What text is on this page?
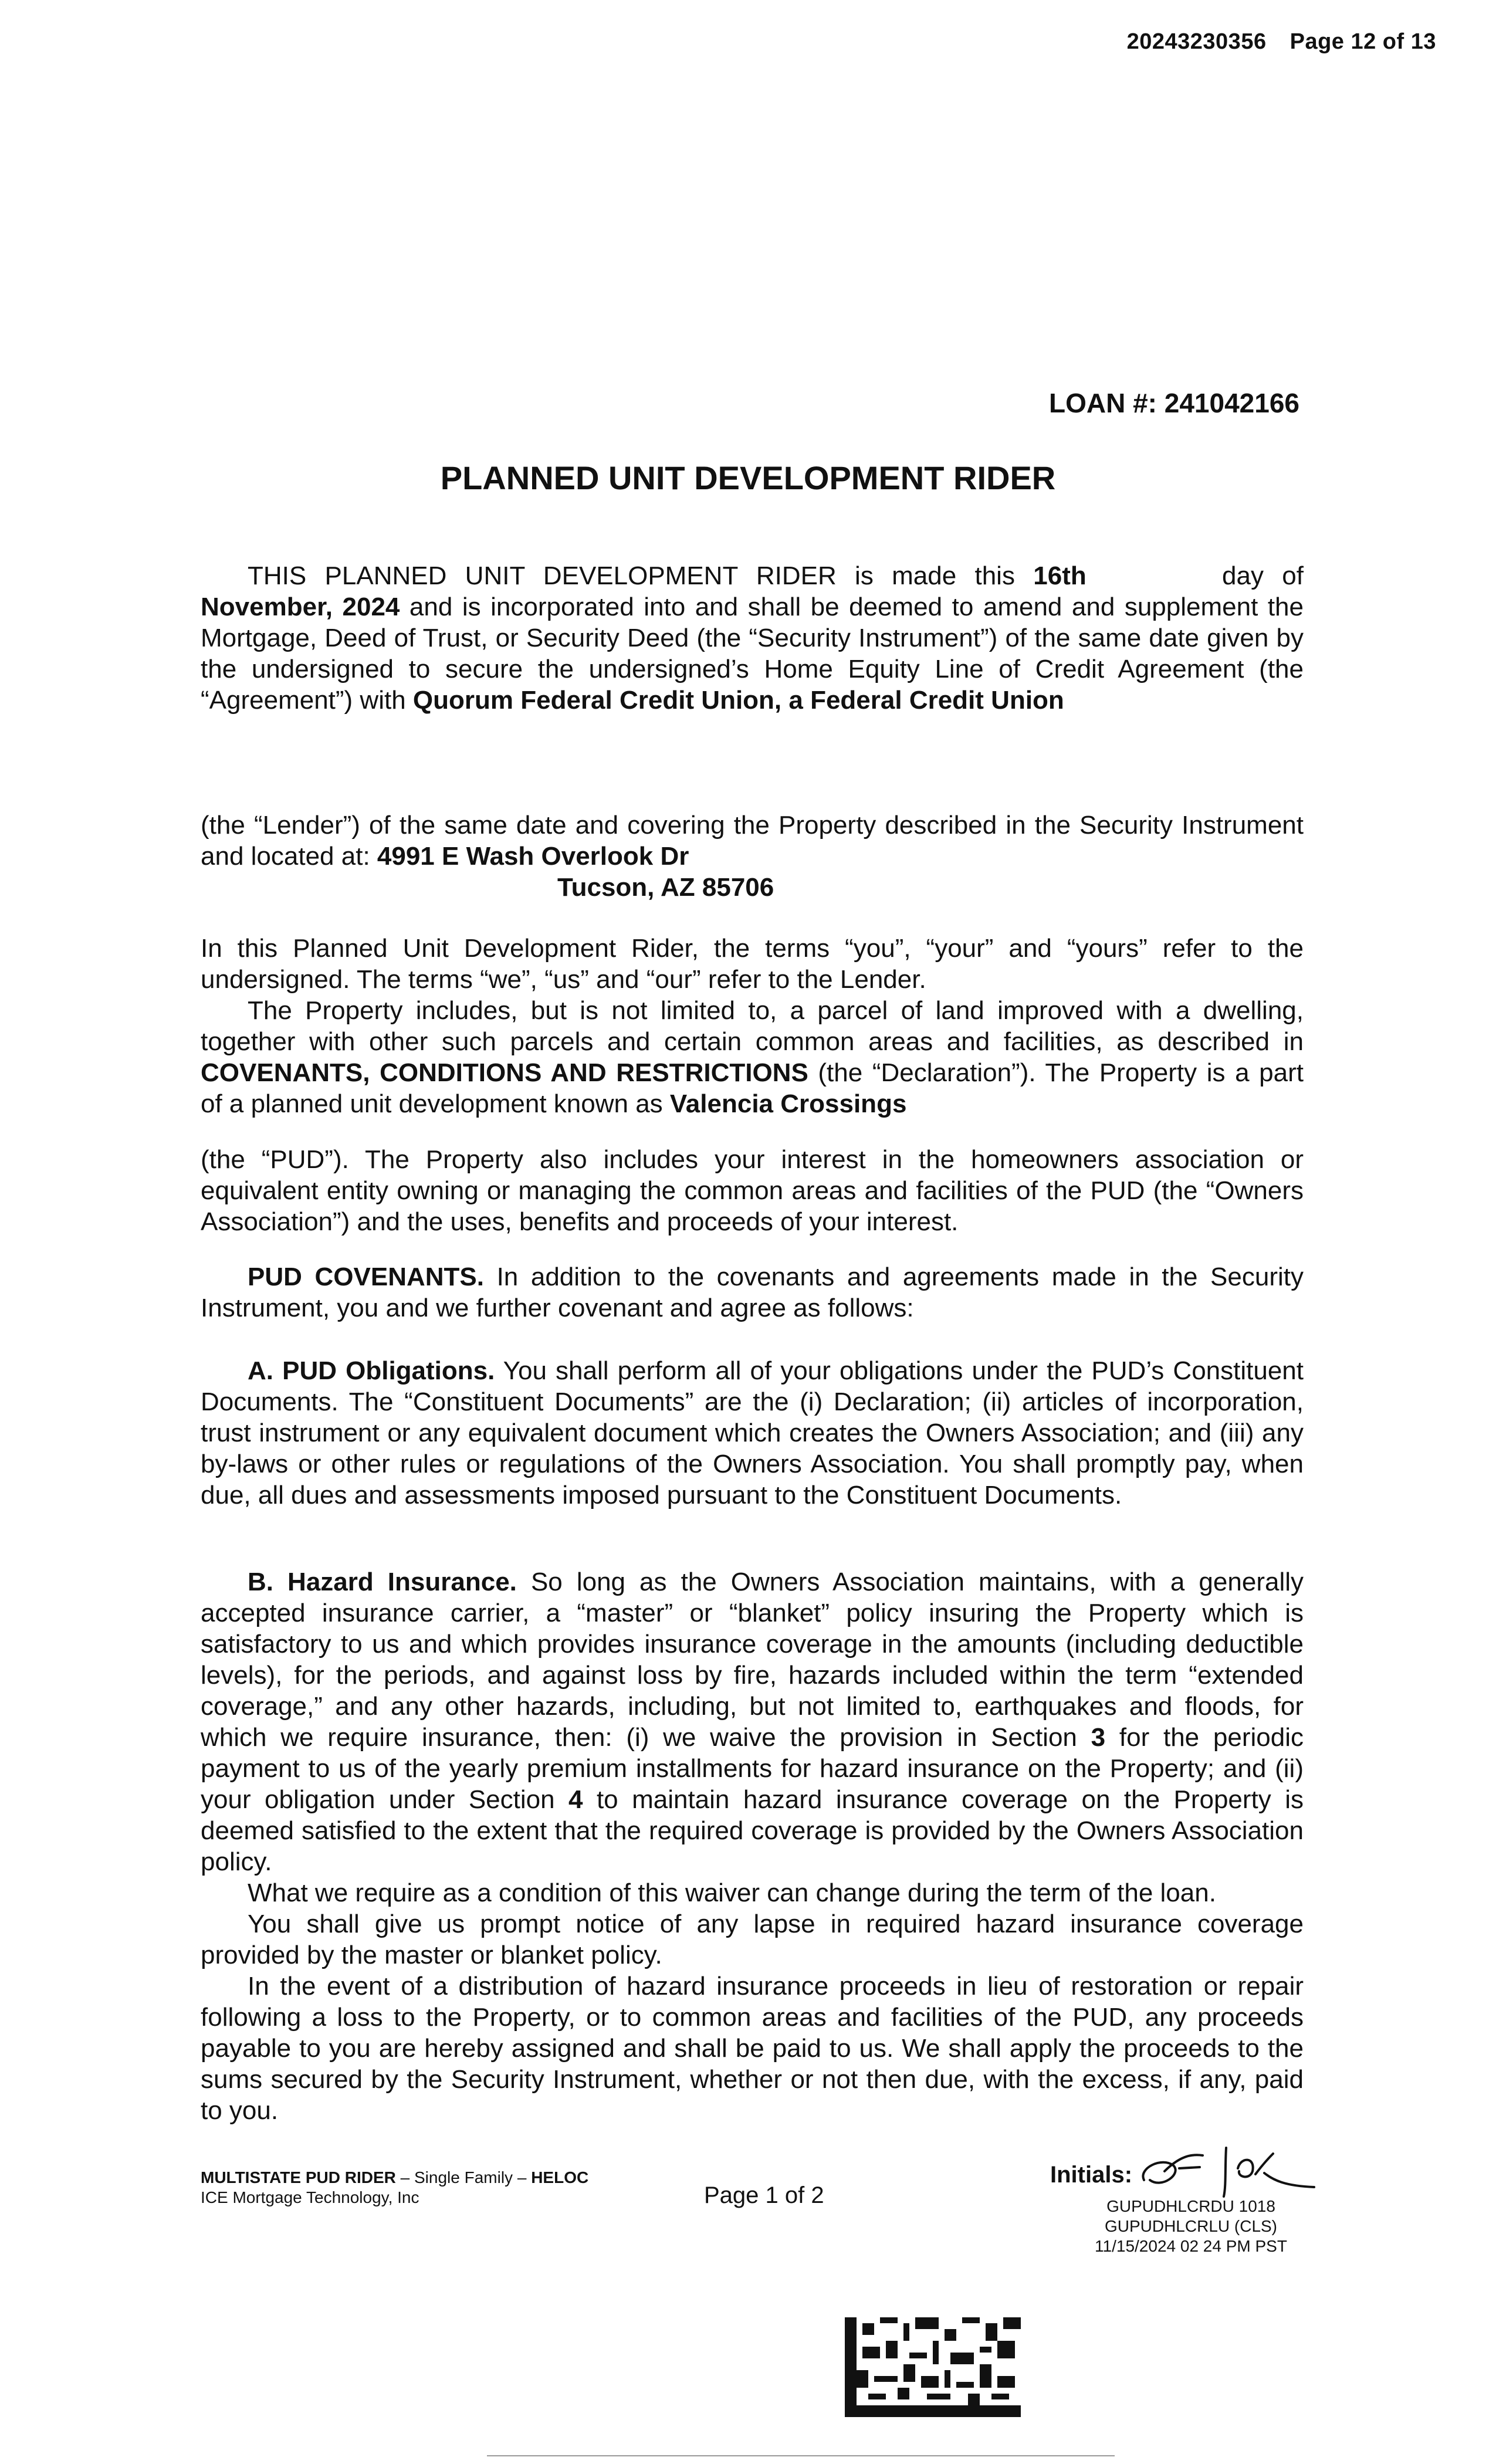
20243230356 Page 12 of 13
LOAN #: 241042166
PLANNED UNIT DEVELOPMENT RIDER

THIS PLANNED UNIT DEVELOPMENT RIDER is made this 16th	day of November, 2024 and is incorporated into and shall be deemed to amend and supplement the Mortgage, Deed of Trust, or Security Deed (the “Security Instrument”) of the same date given by the undersigned to secure the undersigned’s Home Equity Line of Credit Agreement (the “Agreement”) with Quorum Federal Credit Union, a Federal Credit Union

(the “Lender”) of the same date and covering the Property described in the Security Instrument and located at: 4991 E Wash Overlook Dr
Tucson, AZ 85706

In this Planned Unit Development Rider, the terms “you”, “your” and “yours” refer to the undersigned. The terms “we”, “us” and “our” refer to the Lender.

The Property includes, but is not limited to, a parcel of land improved with a dwelling, together with other such parcels and certain common areas and facilities, as described in COVENANTS, CONDITIONS AND RESTRICTIONS (the “Declaration”). The Property is a part of a planned unit development known as Valencia Crossings

(the “PUD”). The Property also includes your interest in the homeowners association or equivalent entity owning or managing the common areas and facilities of the PUD (the “Owners Association”) and the uses, benefits and proceeds of your interest.

PUD COVENANTS. In addition to the covenants and agreements made in the Security Instrument, you and we further covenant and agree as follows:

A. PUD Obligations. You shall perform all of your obligations under the PUD’s Constituent Documents. The “Constituent Documents” are the (i) Declaration; (ii) articles of incorporation, trust instrument or any equivalent document which creates the Owners Association; and (iii) any by-laws or other rules or regulations of the Owners Association. You shall promptly pay, when due, all dues and assessments imposed pursuant to the Constituent Documents.

B. Hazard Insurance. So long as the Owners Association maintains, with a generally accepted insurance carrier, a “master” or “blanket” policy insuring the Property which is satisfactory to us and which provides insurance coverage in the amounts (including deductible levels), for the periods, and against loss by fire, hazards included within the term “extended coverage,” and any other hazards, including, but not limited to, earthquakes and floods, for which we require insurance, then: (i) we waive the provision in Section 3 for the periodic payment to us of the yearly premium installments for hazard insurance on the Property; and (ii) your obligation under Section 4 to maintain hazard insurance coverage on the Property is deemed satisfied to the extent that the required coverage is provided by the Owners Association policy.

What we require as a condition of this waiver can change during the term of the loan.

You shall give us prompt notice of any lapse in required hazard insurance coverage provided by the master or blanket policy.

In the event of a distribution of hazard insurance proceeds in lieu of restoration or repair following a loss to the Property, or to common areas and facilities of the PUD, any proceeds payable to you are hereby assigned and shall be paid to us. We shall apply the proceeds to the sums secured by the Security Instrument, whether or not then due, with the excess, if any, paid to you.

MULTISTATE PUD RIDER – Single Family – HELOC
ICE Mortgage Technology, Inc	Page 1 of 2
Initials:
GUPUDHLCRDU 1018
GUPUDHLCRLU (CLS)
11/15/2024 02 24 PM PST
